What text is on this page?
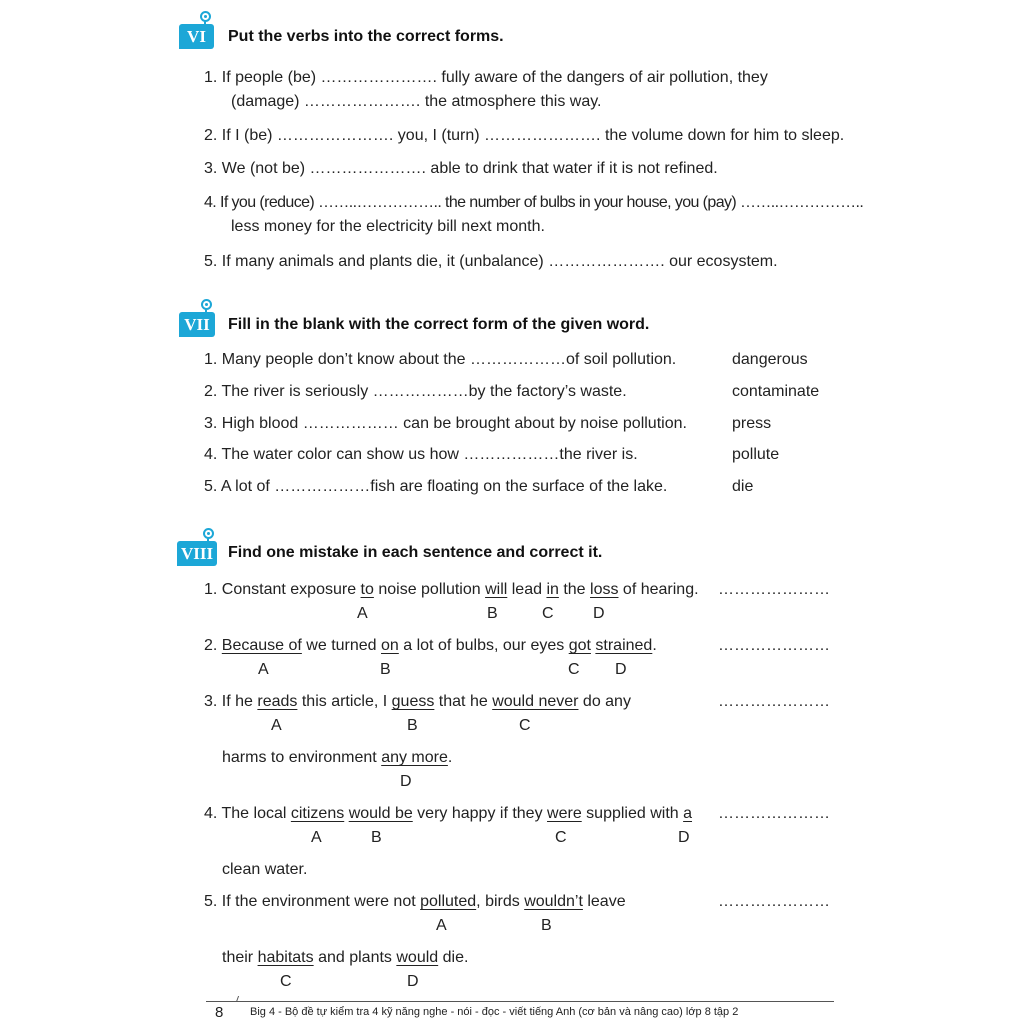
VI	Put the verbs into the correct forms.
1. If people (be) …………………. fully aware of the dangers of air pollution, they
(damage) …………………. the atmosphere this way.
2. If I (be) …………………. you, I (turn) …………………. the volume down for him to sleep.
3. We (not be) …………………. able to drink that water if it is not refined.
4. If you (reduce) ……..…………….. the number of bulbs in your house, you (pay) ……..……………..
less money for the electricity bill next month.
5. If many animals and plants die, it (unbalance) …………………. our ecosystem.
VII	Fill in the blank with the correct form of the given word.
1. Many people don’t know about the ………………of soil pollution.	dangerous
2. The river is seriously ………………by the factory’s waste.	contaminate
3. High blood ……………… can be brought about by noise pollution.	press
4. The water color can show us how ………………the river is.	pollute
5. A lot of ………………fish are floating on the surface of the lake.	die
VIII Find one mistake in each sentence and correct it.
1. Constant exposure to noise pollution will lead in the loss of hearing. …………………
A	B	C D
2. Because of we turned on a lot of bulbs, our eyes got strained.	…………………
A	B	C D
3. If he reads this article, I guess that he would never do any	…………………
A	B	C
harms to environment any more.
D
4. The local citizens would be very happy if they were supplied with a …………………
A	B	C	D
clean water.
5. If the environment were not polluted, birds wouldn’t leave	…………………
A	B
their habitats and plants would die.
C	D
8 Big 4 - Bộ đề tự kiểm tra 4 kỹ năng nghe - nói - đọc - viết tiếng Anh (cơ bản và nâng cao) lớp 8 tập 2
